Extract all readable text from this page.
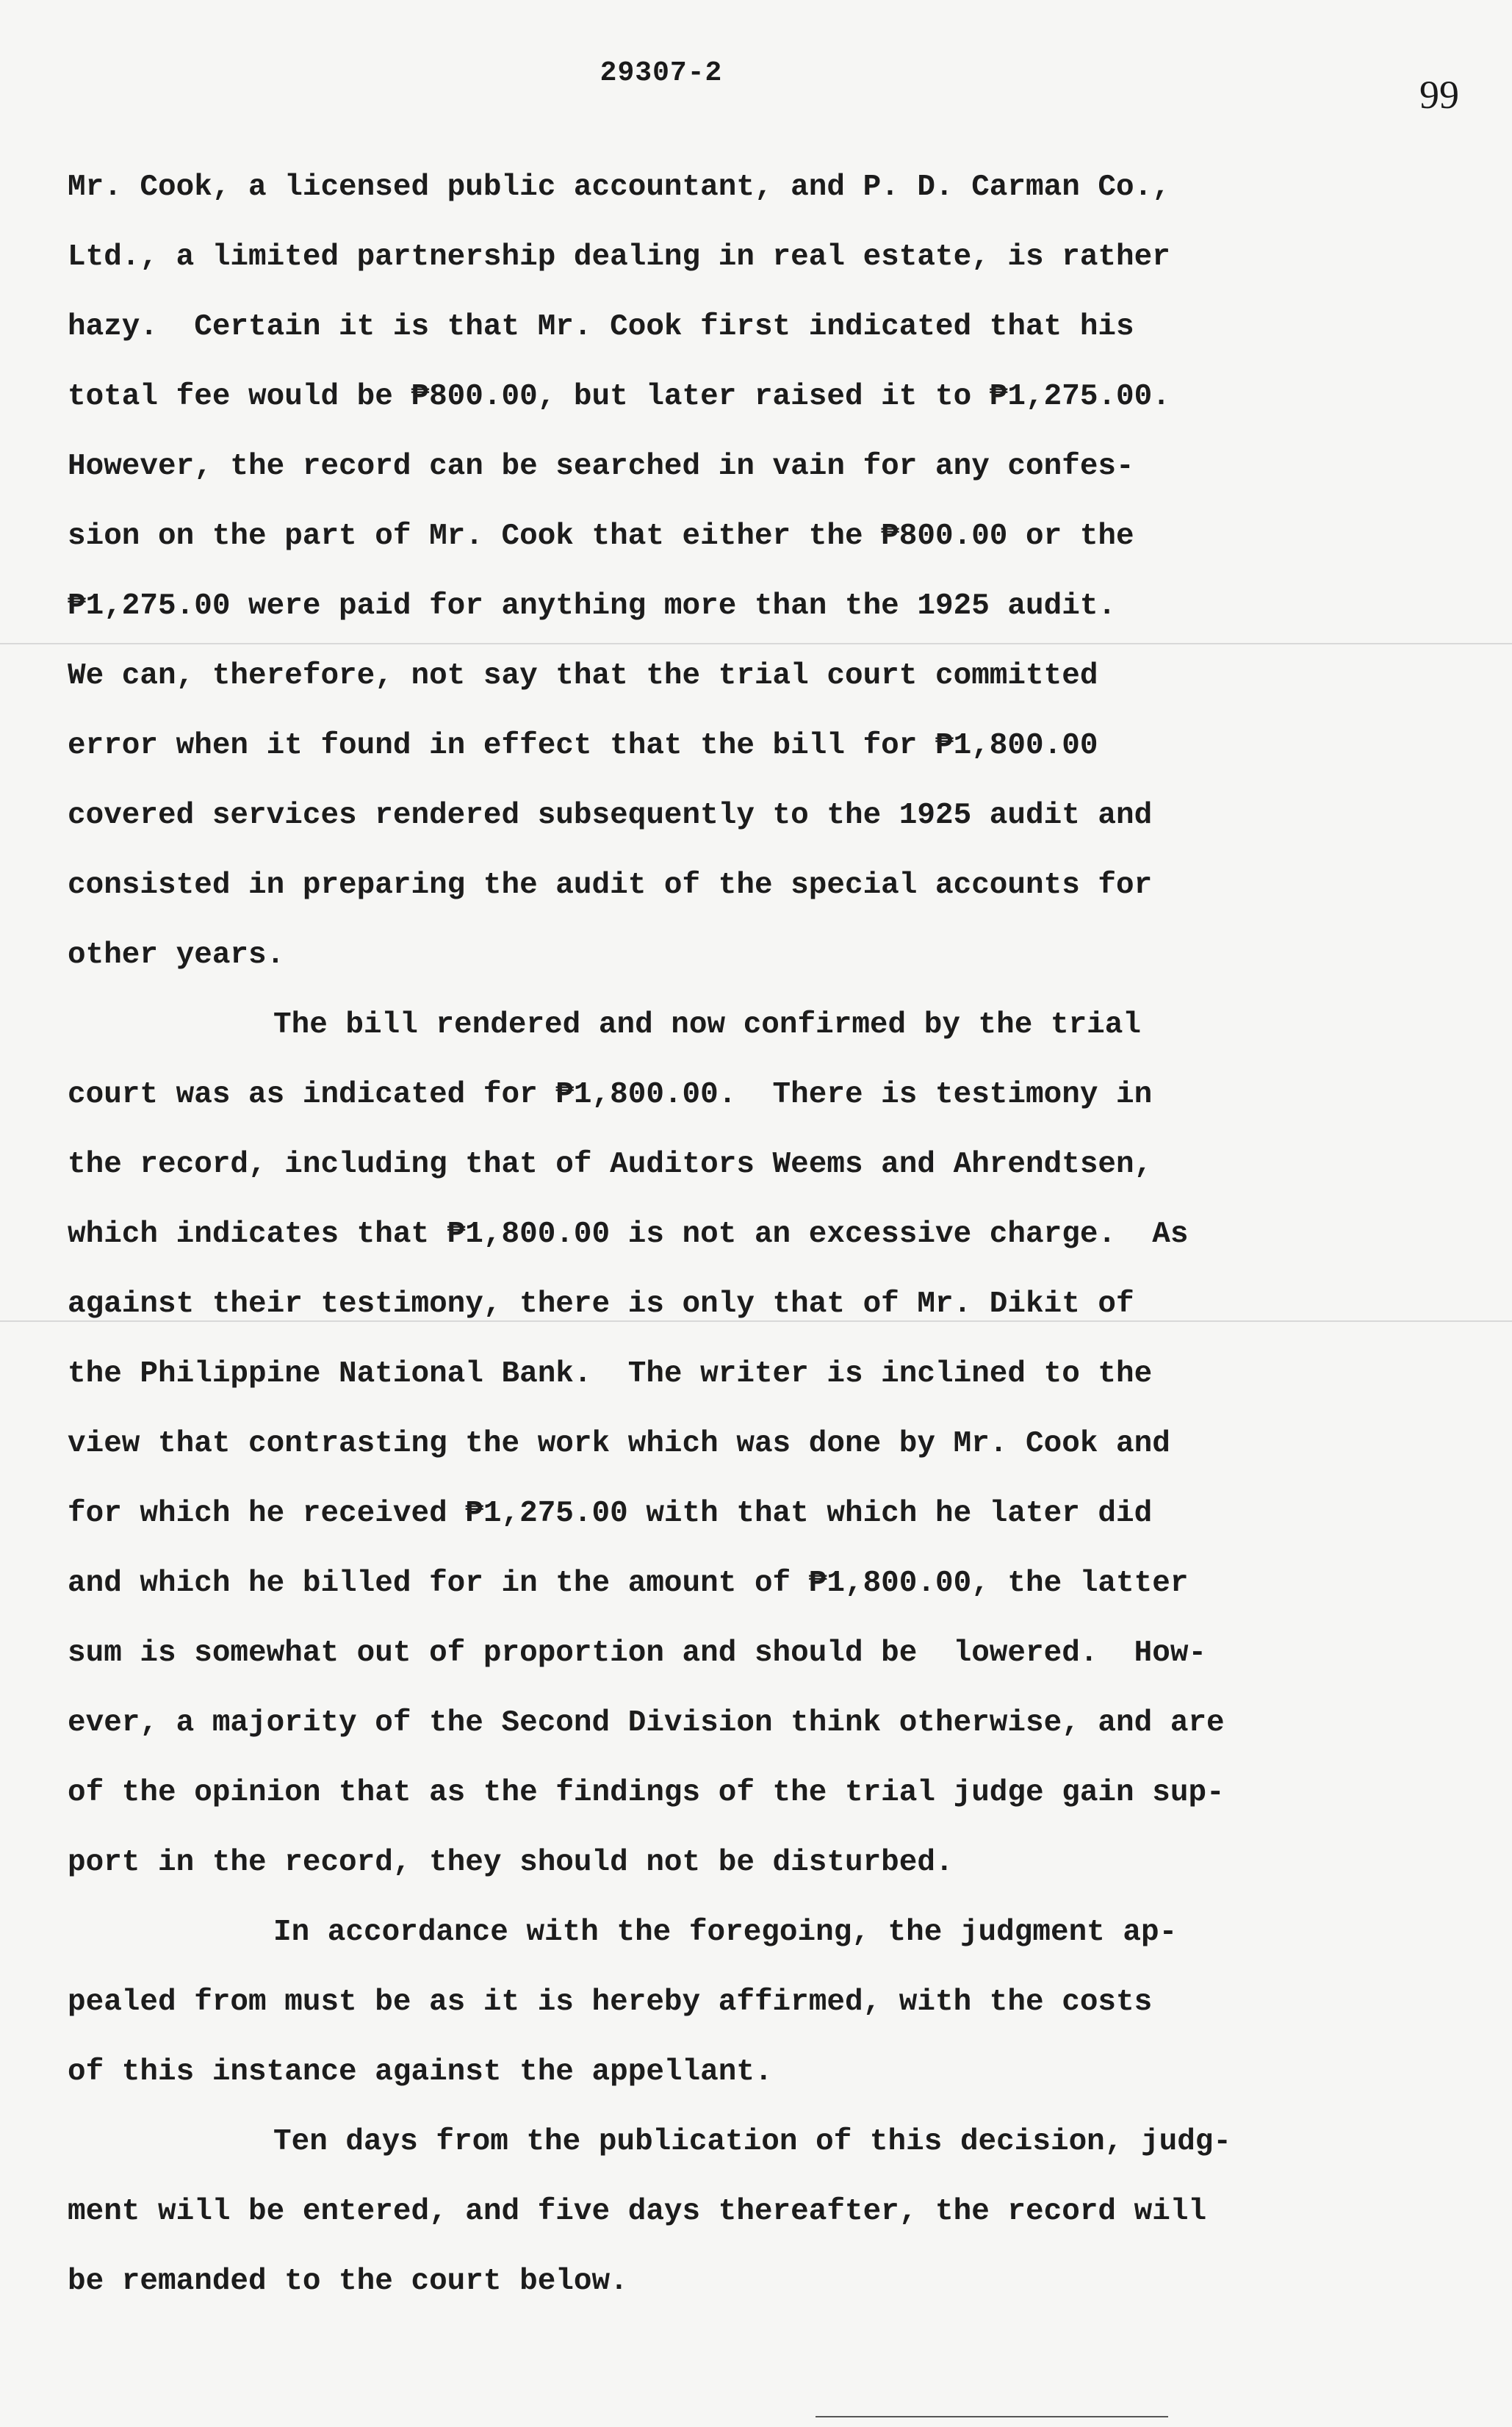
29307-2	99
Mr. Cook, a licensed public accountant, and P. D. Carman Co.,
Ltd., a limited partnership dealing in real estate, is rather
hazy.  Certain it is that Mr. Cook first indicated that his
total fee would be ₱800.00, but later raised it to ₱1,275.00.
However, the record can be searched in vain for any confes-
sion on the part of Mr. Cook that either the ₱800.00 or the
₱1,275.00 were paid for anything more than the 1925 audit.
We can, therefore, not say that the trial court committed
error when it found in effect that the bill for ₱1,800.00
covered services rendered subsequently to the 1925 audit and
consisted in preparing the audit of the special accounts for
other years.
The bill rendered and now confirmed by the trial
court was as indicated for ₱1,800.00.  There is testimony in
the record, including that of Auditors Weems and Ahrendtsen,
which indicates that ₱1,800.00 is not an excessive charge.  As
against their testimony, there is only that of Mr. Dikit of
the Philippine National Bank.  The writer is inclined to the
view that contrasting the work which was done by Mr. Cook and
for which he received ₱1,275.00 with that which he later did
and which he billed for in the amount of ₱1,800.00, the latter
sum is somewhat out of proportion and should be  lowered.  How-
ever, a majority of the Second Division think otherwise, and are
of the opinion that as the findings of the trial judge gain sup-
port in the record, they should not be disturbed.
In accordance with the foregoing, the judgment ap-
pealed from must be as it is hereby affirmed, with the costs
of this instance against the appellant.
Ten days from the publication of this decision, judg-
ment will be entered, and five days thereafter, the record will
be remanded to the court below.
